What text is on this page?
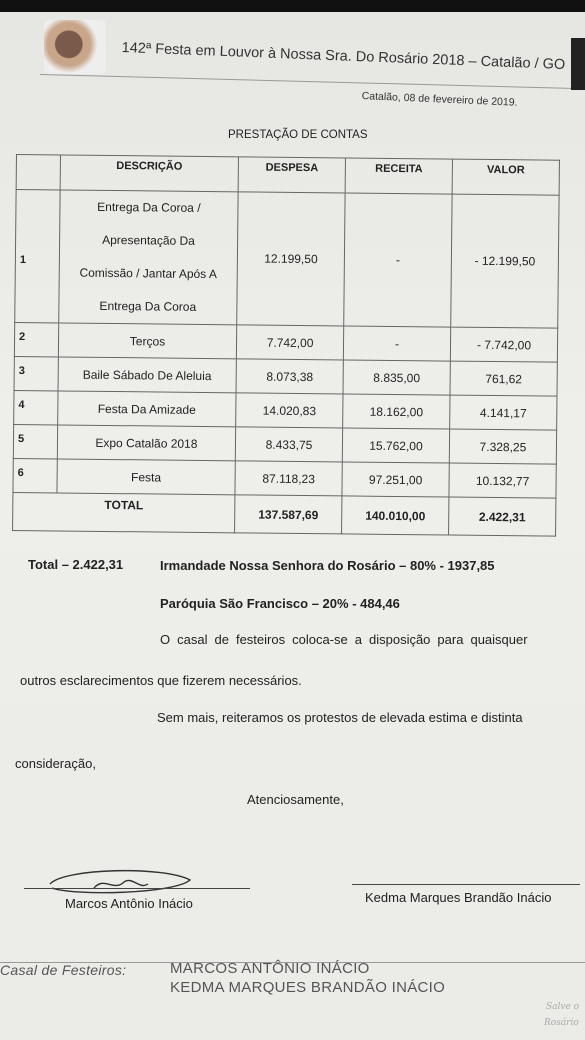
142ª Festa em Louvor à Nossa Sra. Do Rosário 2018 – Catalão / GO
Catalão, 08 de fevereiro de 2019.
PRESTAÇÃO DE CONTAS
	DESCRIÇÃO	DESPESA	RECEITA	VALOR
1	Entrega Da Coroa /
Apresentação Da
Comissão / Jantar Após A
Entrega Da Coroa	12.199,50	-	- 12.199,50
2	Terços	7.742,00	-	- 7.742,00
3	Baile Sábado De Aleluia	8.073,38	8.835,00	761,62
4	Festa Da Amizade	14.020,83	18.162,00	4.141,17
5	Expo Catalão 2018	8.433,75	15.762,00	7.328,25
6	Festa	87.118,23	97.251,00	10.132,77
TOTAL		137.587,69	140.010,00	2.422,31
Total – 2.422,31	Irmandade Nossa Senhora do Rosário – 80% - 1937,85
Paróquia São Francisco – 20% - 484,46
O casal de festeiros coloca-se a disposição para quaisquer
outros esclarecimentos que fizerem necessários.
Sem mais, reiteramos os protestos de elevada estima e distinta
consideração,
Atenciosamente,
Marcos Antônio Inácio	Kedma Marques Brandão Inácio
Casal de Festeiros:	MARCOS ANTÔNIO INÁCIO
KEDMA MARQUES BRANDÃO INÁCIO
Salve o
Rosário
